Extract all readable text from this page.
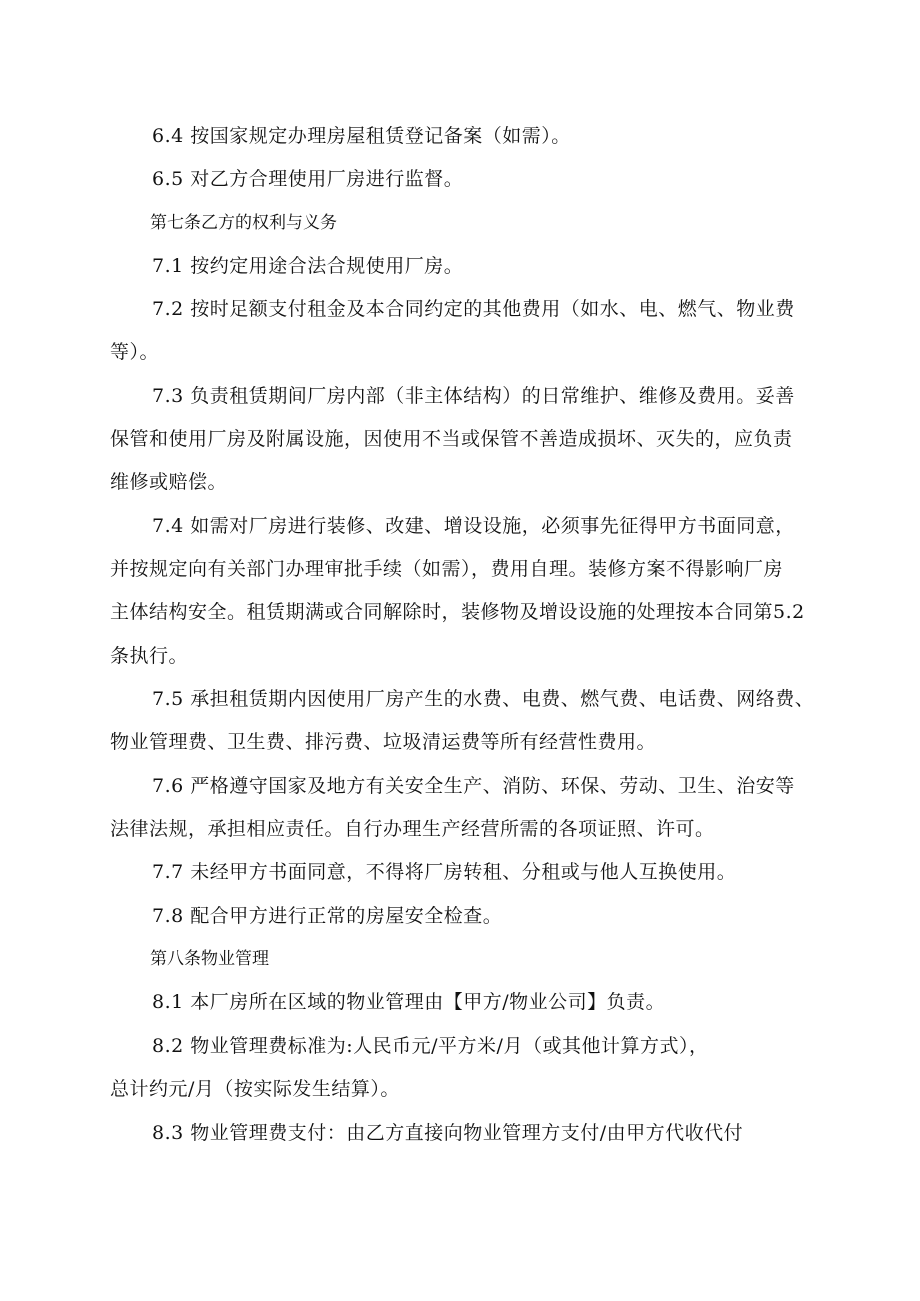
6.4 按国家规定办理房屋租赁登记备案（如需）。
6.5 对乙方合理使用厂房进行监督。
第七条乙方的权利与义务
7.1 按约定用途合法合规使用厂房。
7.2 按时足额支付租金及本合同约定的其他费用（如水、电、燃气、物业费
等）。
7.3 负责租赁期间厂房内部（非主体结构）的日常维护、维修及费用。妥善
保管和使用厂房及附属设施，因使用不当或保管不善造成损坏、灭失的，应负责
维修或赔偿。
7.4 如需对厂房进行装修、改建、增设设施，必须事先征得甲方书面同意，
并按规定向有关部门办理审批手续（如需），费用自理。装修方案不得影响厂房
主体结构安全。租赁期满或合同解除时，装修物及增设设施的处理按本合同第5.2
条执行。
7.5 承担租赁期内因使用厂房产生的水费、电费、燃气费、电话费、网络费、
物业管理费、卫生费、排污费、垃圾清运费等所有经营性费用。
7.6 严格遵守国家及地方有关安全生产、消防、环保、劳动、卫生、治安等
法律法规，承担相应责任。自行办理生产经营所需的各项证照、许可。
7.7 未经甲方书面同意，不得将厂房转租、分租或与他人互换使用。
7.8 配合甲方进行正常的房屋安全检查。
第八条物业管理
8.1 本厂房所在区域的物业管理由【甲方/物业公司】负责。
8.2 物业管理费标准为:人民币元/平方米/月（或其他计算方式），
总计约元/月（按实际发生结算）。
8.3 物业管理费支付：由乙方直接向物业管理方支付/由甲方代收代付
